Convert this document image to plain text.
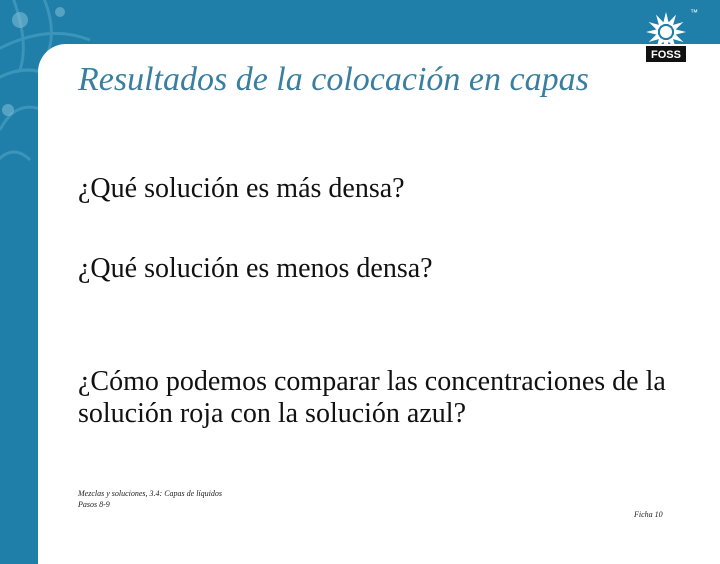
Resultados de la colocación en capas

¿Qué solución es más densa?

¿Qué solución es menos densa?

¿Cómo podemos comparar las concentraciones de la solución roja con la solución azul?

Mezclas y soluciones, 3.4: Capas de líquidos
Pasos 8-9
Ficha 10
FOSS
™
